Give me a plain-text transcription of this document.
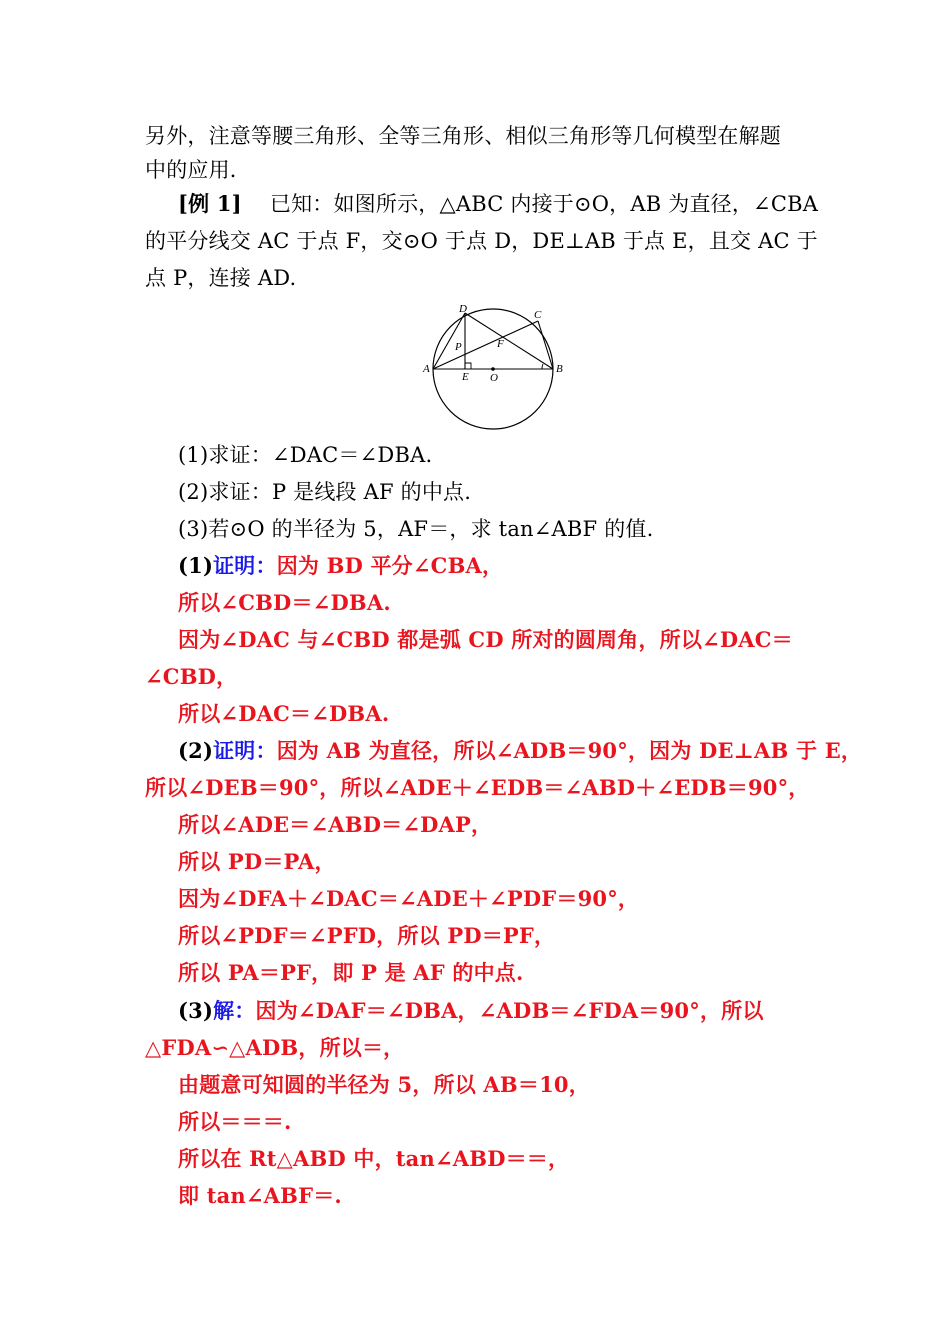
另外，注意等腰三角形、全等三角形、相似三角形等几何模型在解题
中的应用．
[例 1] 　已知：如图所示，△ABC 内接于⊙O，AB 为直径，∠CBA
的平分线交 AC 于点 F，交⊙O 于点 D，DE⊥AB 于点 E，且交 AC 于
点 P，连接 AD.
A	B
C
D
E
F
O
P
(1)求证：∠DAC＝∠DBA.
(2)求证：P 是线段 AF 的中点.
(3)若⊙O 的半径为 5，AF＝，求 tan∠ABF 的值.
(1)证明：因为 BD 平分∠CBA，
所以∠CBD＝∠DBA.
因为∠DAC 与∠CBD 都是弧 CD 所对的圆周角，所以∠DAC＝
∠CBD，
所以∠DAC＝∠DBA.
(2)证明：因为 AB 为直径，所以∠ADB＝90°，因为 DE⊥AB 于 E，
所以∠DEB＝90°，所以∠ADE＋∠EDB＝∠ABD＋∠EDB＝90°，
所以∠ADE＝∠ABD＝∠DAP，
所以 PD＝PA，
因为∠DFA＋∠DAC＝∠ADE＋∠PDF＝90°，
所以∠PDF＝∠PFD，所以 PD＝PF，
所以 PA＝PF，即 P 是 AF 的中点.
(3)解：因为∠DAF＝∠DBA，∠ADB＝∠FDA＝90°，所以
△FDA∽△ADB，所以＝，
由题意可知圆的半径为 5，所以 AB＝10，
所以＝＝＝.
所以在 Rt△ABD 中，tan∠ABD＝＝，
即 tan∠ABF＝.
